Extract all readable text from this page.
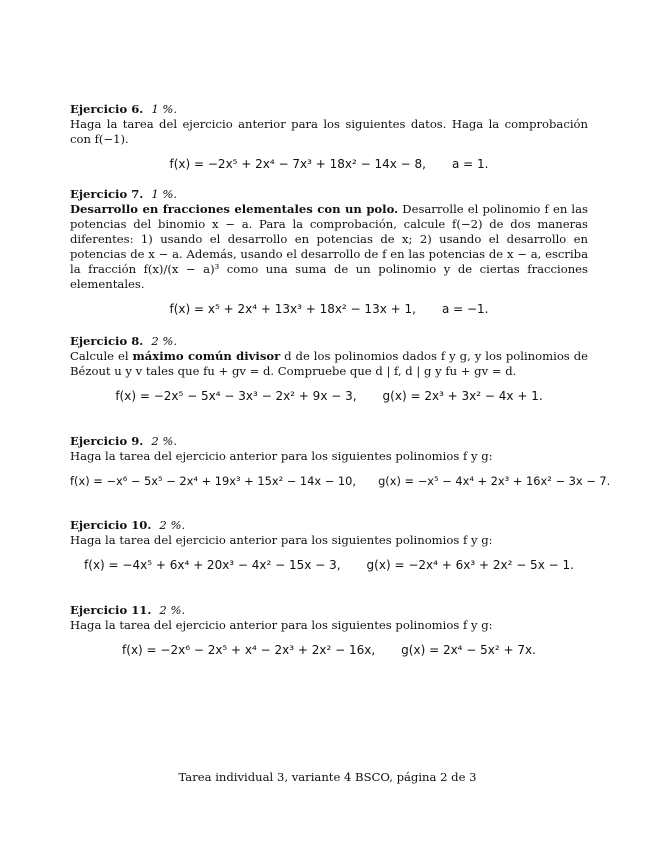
Ejercicio 6. 1 %.
Haga la tarea del ejercicio anterior para los siguientes datos. Haga la comprobación con f(−1).
f(x) = −2x⁵ + 2x⁴ − 7x³ + 18x² − 14x − 8, a = 1.
Ejercicio 7. 1 %.
Desarrollo en fracciones elementales con un polo. Desarrolle el polinomio f en las potencias del binomio x − a. Para la comprobación, calcule f(−2) de dos maneras diferentes: 1) usando el desarrollo en potencias de x; 2) usando el desarrollo en potencias de x − a. Además, usando el desarrollo de f en las potencias de x − a, escriba la fracción f(x)/(x − a)³ como una suma de un polinomio y de ciertas fracciones elementales.
f(x) = x⁵ + 2x⁴ + 13x³ + 18x² − 13x + 1, a = −1.
Ejercicio 8. 2 %.
Calcule el máximo común divisor d de los polinomios dados f y g, y los polinomios de Bézout u y v tales que fu + gv = d. Compruebe que d | f, d | g y fu + gv = d.
f(x) = −2x⁵ − 5x⁴ − 3x³ − 2x² + 9x − 3, g(x) = 2x³ + 3x² − 4x + 1.
Ejercicio 9. 2 %.
Haga la tarea del ejercicio anterior para los siguientes polinomios f y g:
f(x) = −x⁶ − 5x⁵ − 2x⁴ + 19x³ + 15x² − 14x − 10, g(x) = −x⁵ − 4x⁴ + 2x³ + 16x² − 3x − 7.
Ejercicio 10. 2 %.
Haga la tarea del ejercicio anterior para los siguientes polinomios f y g:
f(x) = −4x⁵ + 6x⁴ + 20x³ − 4x² − 15x − 3, g(x) = −2x⁴ + 6x³ + 2x² − 5x − 1.
Ejercicio 11. 2 %.
Haga la tarea del ejercicio anterior para los siguientes polinomios f y g:
f(x) = −2x⁶ − 2x⁵ + x⁴ − 2x³ + 2x² − 16x, g(x) = 2x⁴ − 5x² + 7x.
Tarea individual 3, variante 4 BSCO, página 2 de 3
